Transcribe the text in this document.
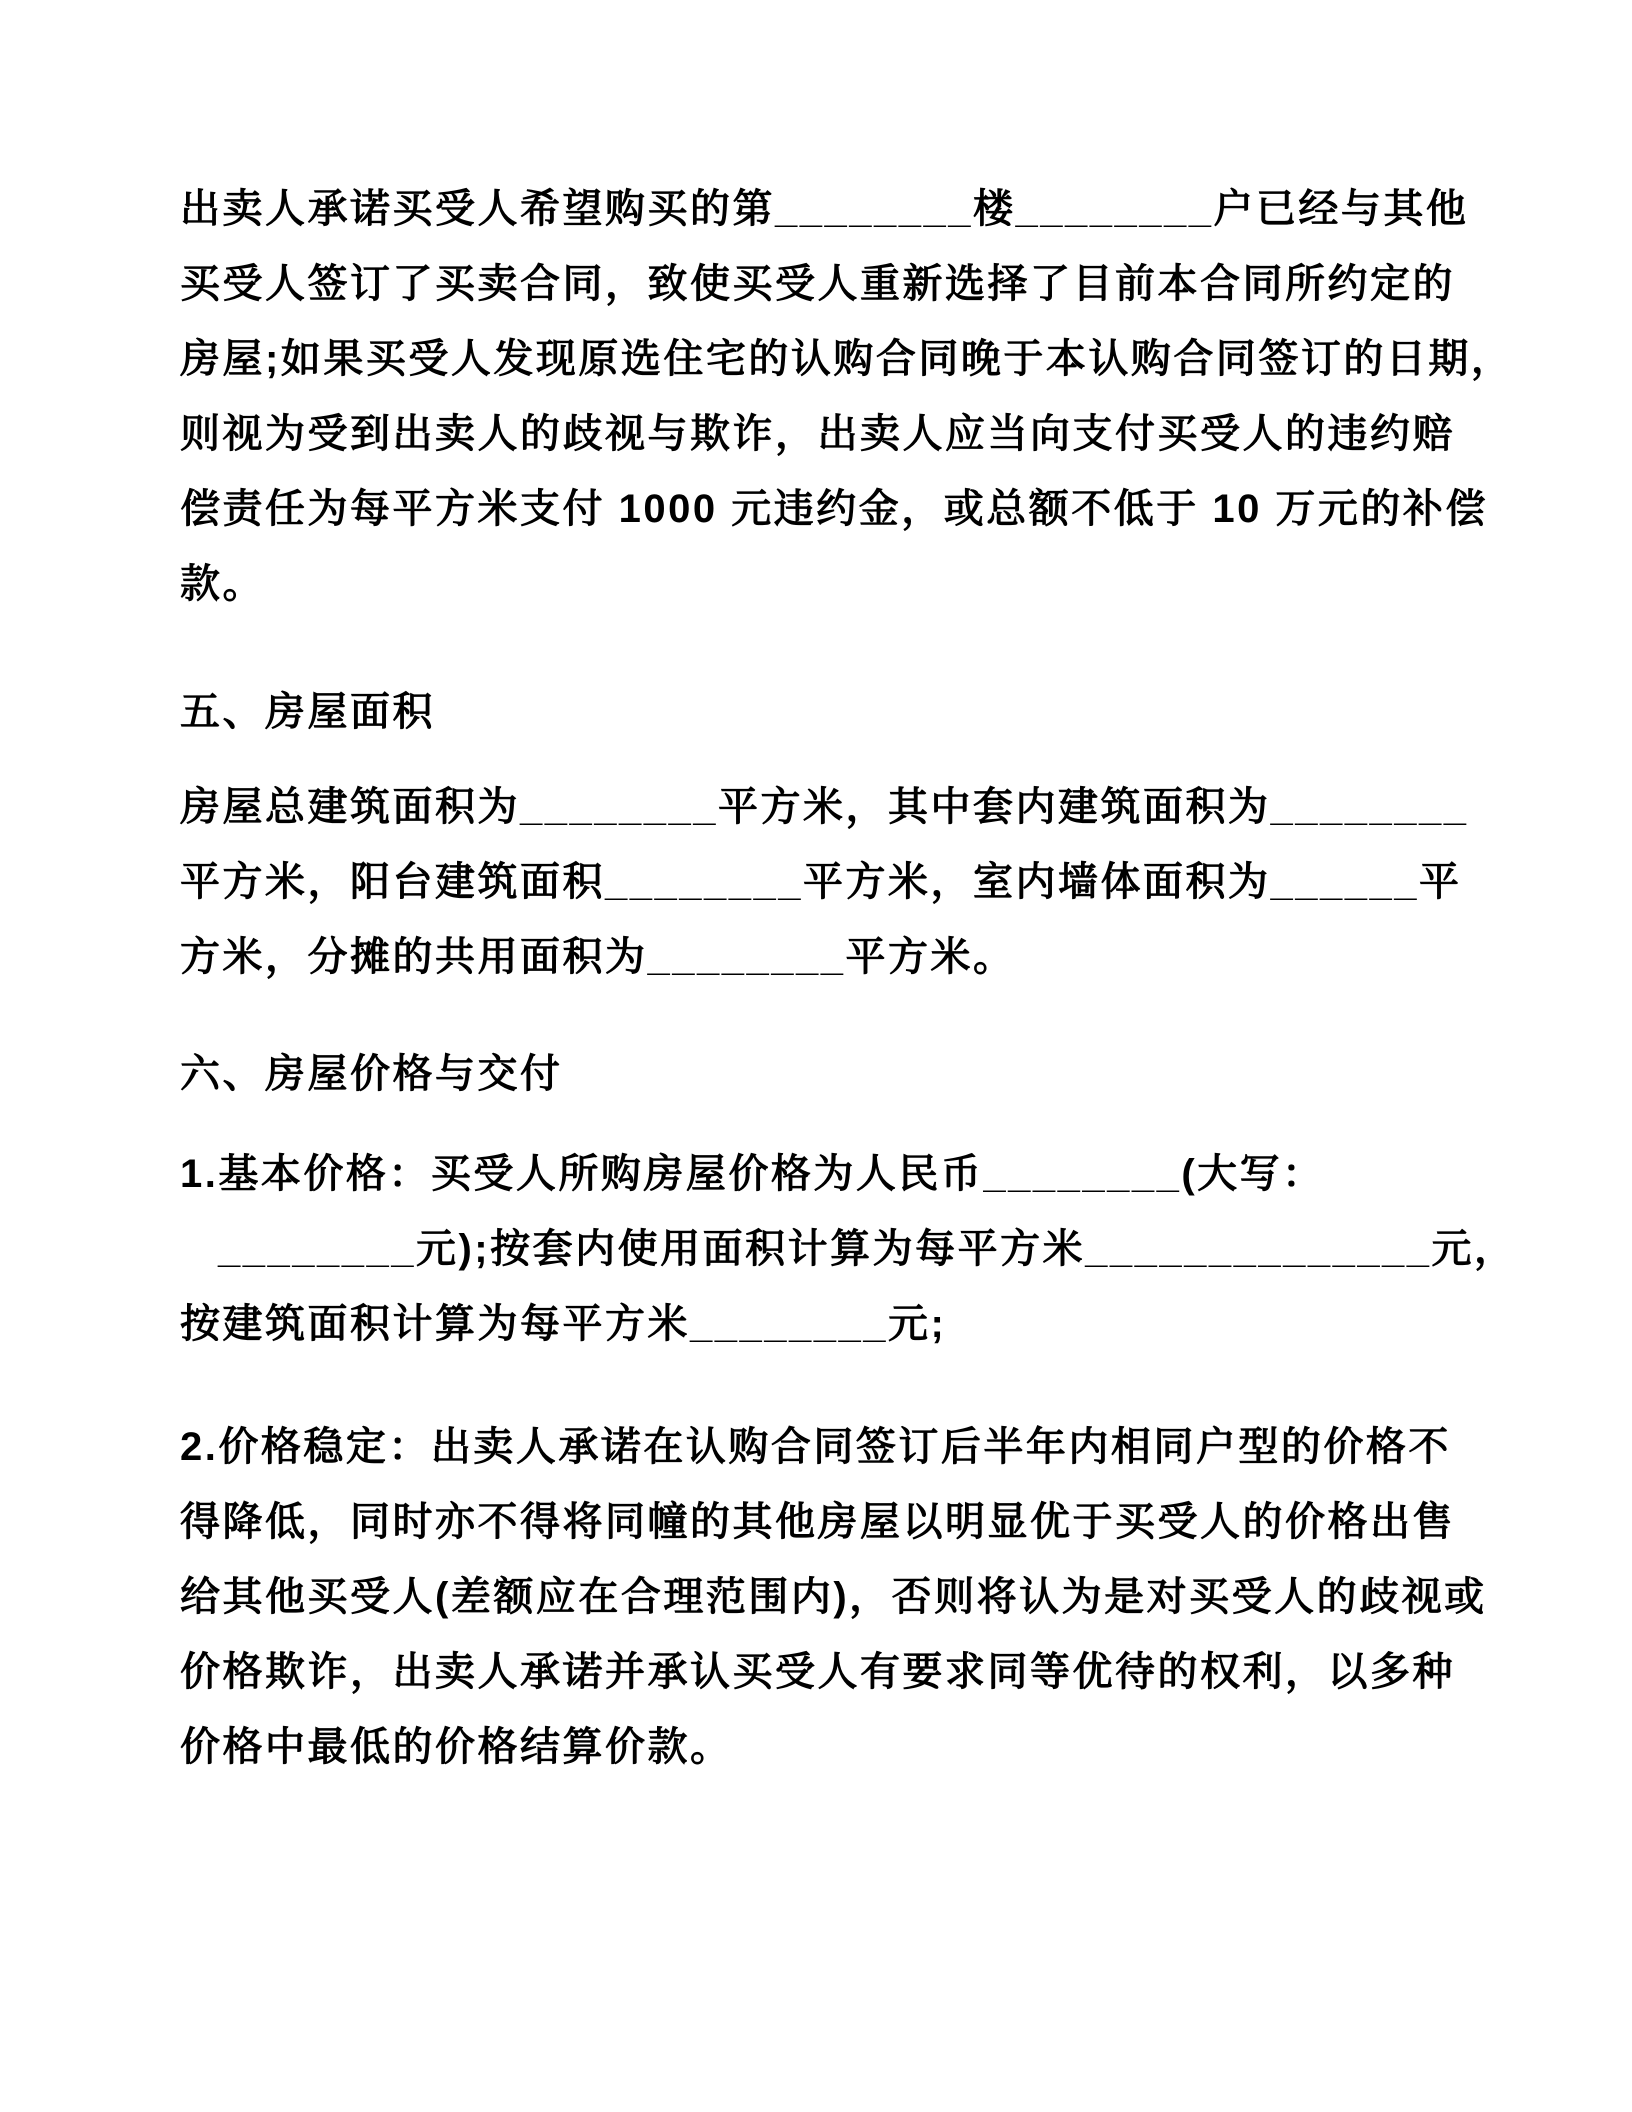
出卖人承诺买受人希望购买的第________楼________户已经与其他
买受人签订了买卖合同，致使买受人重新选择了目前本合同所约定的
房屋;如果买受人发现原选住宅的认购合同晚于本认购合同签订的日期，
则视为受到出卖人的歧视与欺诈，出卖人应当向支付买受人的违约赔
偿责任为每平方米支付 1000 元违约金，或总额不低于 10 万元的补偿
款。
五、房屋面积
房屋总建筑面积为________平方米，其中套内建筑面积为________
平方米，阳台建筑面积________平方米，室内墙体面积为______平
方米，分摊的共用面积为________平方米。
六、房屋价格与交付
1.基本价格：买受人所购房屋价格为人民币________(大写：
________元);按套内使用面积计算为每平方米______________元，
按建筑面积计算为每平方米________元;
2.价格稳定：出卖人承诺在认购合同签订后半年内相同户型的价格不
得降低，同时亦不得将同幢的其他房屋以明显优于买受人的价格出售
给其他买受人(差额应在合理范围内)，否则将认为是对买受人的歧视或
价格欺诈，出卖人承诺并承认买受人有要求同等优待的权利，以多种
价格中最低的价格结算价款。
